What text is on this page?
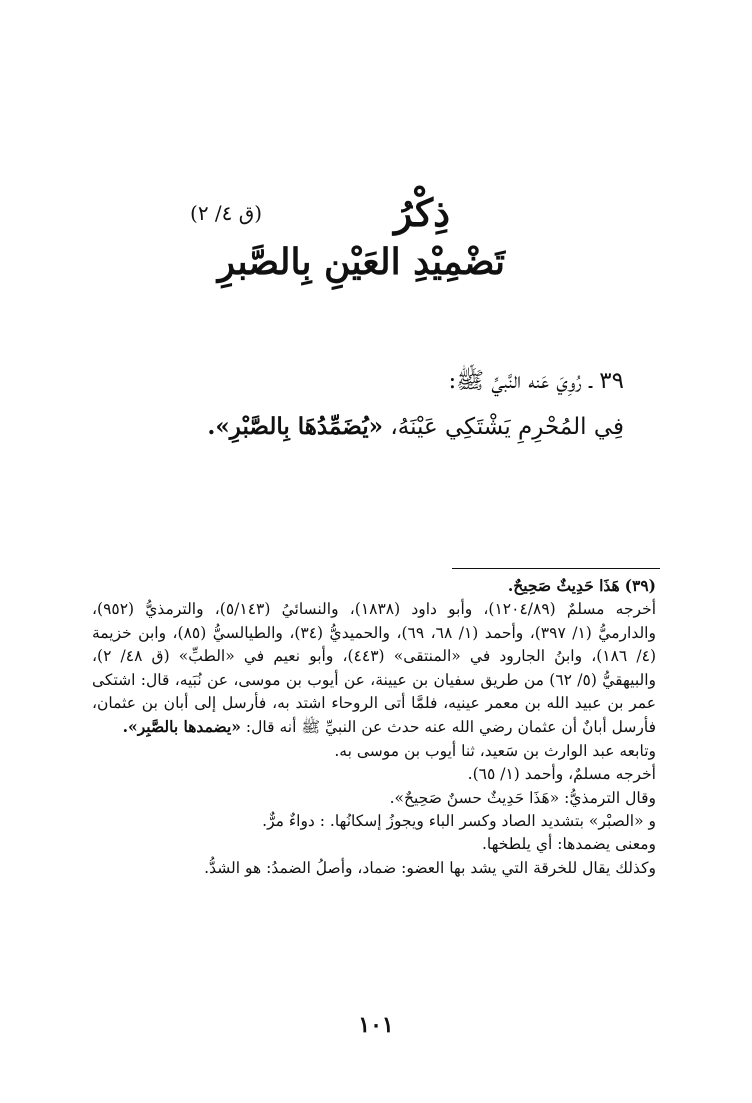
ذِكْرُ
(ق ٤/ ٢)
تَضْمِيْدِ العَيْنِ بِالصَّبرِ
٣٩ ـ رُوِيَ عَنه النَّبيِّ ﷺ:
فِي المُحْرِمِ يَشْتَكِي عَيْنَهُ، «يُضَمِّدُهَا بِالصَّبْرِ».

(٣٩) هَذَا حَدِيثٌ صَحِيحٌ.

أخرجه مسلمٌ (١٢٠٤/٨٩)، وأبو داود (١٨٣٨)، والنسائيُ (٥/١٤٣)، والترمذيُّ (٩٥٢)، والدارميُّ (١/ ٣٩٧)، وأحمد (١/ ٦٨، ٦٩)، والحميديُّ (٣٤)، والطيالسيُّ (٨٥)، وابن خزيمة (٤/ ١٨٦)، وابنُ الجارود في «المنتقى» (٤٤٣)، وأبو نعيم في «الطبِّ» (ق ٤٨/ ٢)، والبيهقيُّ (٥/ ٦٢) من طريق سفيان بن عيينة، عن أيوب بن موسى، عن نُبَيه، قال: اشتكى عمر بن عبيد الله بن معمر عينيه، فلمَّا أتى الروحاء اشتد به، فأرسل إلى أبان بن عثمان، فأرسل أبانٌ أن عثمان رضي الله عنه حدث عن النبيِّ ﷺ أنه قال: «يضمدها بالصَّبِر».

وتابعه عبد الوارث بن سَعيد، ثنا أيوب بن موسى به.

أخرجه مسلمٌ، وأحمد (١/ ٦٥).

وقال الترمذيُّ: «هَذَا حَدِيثٌ حسنٌ صَحِيحٌ».

و «الصبْر» بتشديد الصاد وكسر الباء ويجوزُ إسكانُها. : دواءٌ مرٌّ.

ومعنى يضمدها: أي يلطخها.

وكذلك يقال للخرقة التي يشد بها العضو: ضماد، وأصلُ الضمدُ: هو الشدُّ.

١٠١
